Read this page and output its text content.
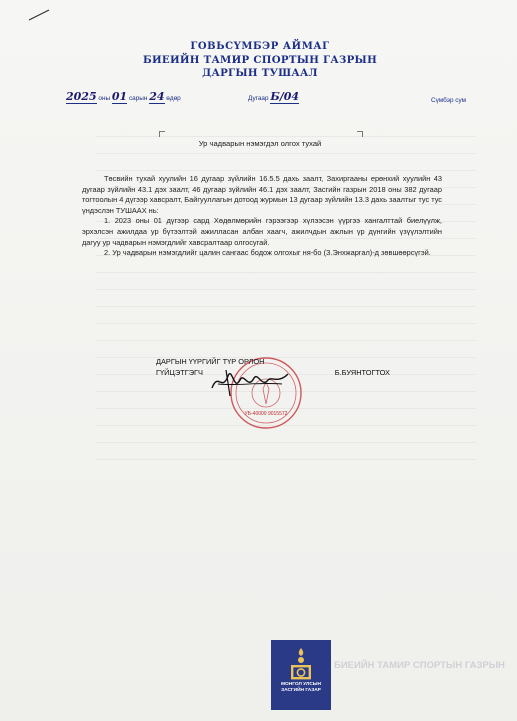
ГОВЬСҮМБЭР АЙМАГ
БИЕИЙН ТАМИР СПОРТЫН ГАЗРЫН
ДАРГЫН ТУШААЛ
2025 оны 01 сарын 24 өдөр	Дугаар Б/04	Сүмбэр сум
Ур чадварын нэмэгдэл олгох тухай

Төсвийн тухай хуулийн 16 дугаар зүйлийн 16.5.5 дахь заалт, Захиргааны ерөнхий хуулийн 43 дугаар зүйлийн 43.1 дэх заалт, 46 дугаар зүйлийн 46.1 дэх заалт, Засгийн газрын 2018 оны 382 дугаар тогтоолын 4 дүгээр хавсралт, Байгууллагын дотоод журмын 13 дугаар зүйлийн 13.3 дахь заалтыг тус тус үндэслэн ТУШААХ нь:

1. 2023 оны 01 дүгээр сард Хөдөлмөрийн гэрээгээр хүлээсэн үүргээ хангалттай биелүүлж, эрхэлсэн ажилдаа ур бүтээлтэй ажилласан албан хаагч, ажилчдын ажлын үр дүнгийн үзүүлэлтийн дагуу ур чадварын нэмэгдлийг хавсралтаар олгосугай.

2. Ур чадварын нэмэгдлийг цалин сангаас бодож олгохыг ня-бо (З.Энхжаргал)-д зөвшөөрсүгэй.

УБ-40000 9015572
ДАРГЫН ҮҮРГИЙГ ТҮР ОРЛОН
ГҮЙЦЭТГЭГЧ	Б.БУЯНТОГТОХ
МОНГОЛ УЛСЫН
ЗАСГИЙН ГАЗАР
БИЕИЙН ТАМИР СПОРТЫН ГАЗРЫН
